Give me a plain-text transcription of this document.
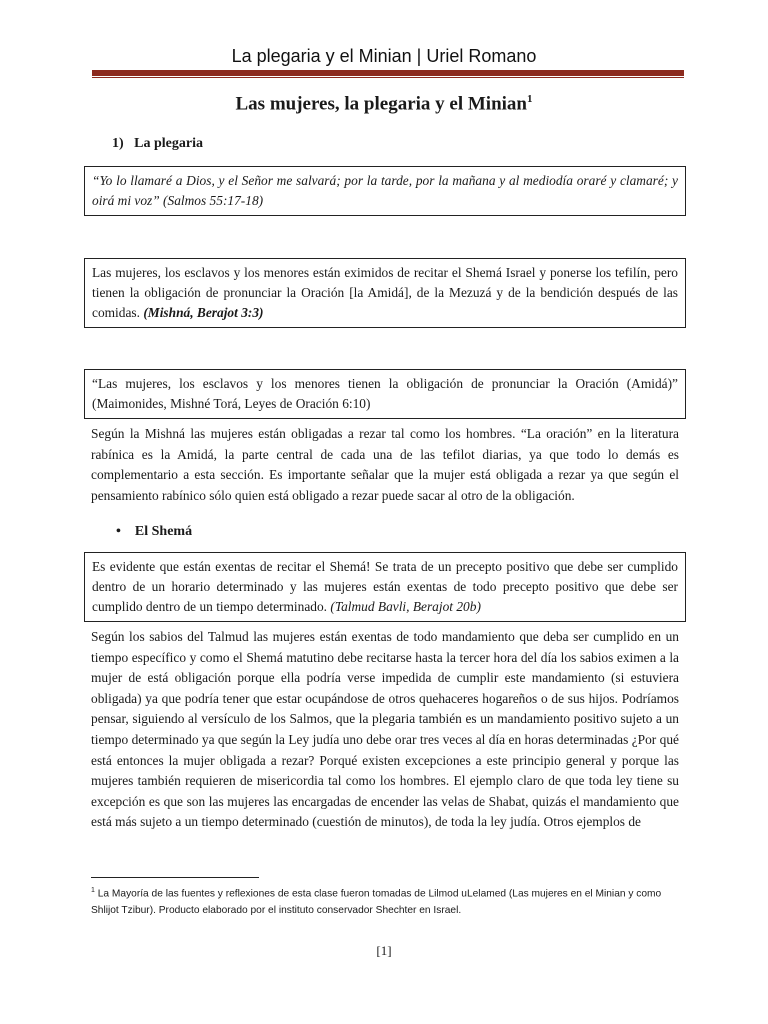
La plegaria y el Minian | Uriel Romano
Las mujeres, la plegaria y el Minian$^1$
1) La plegaria
“Yo lo llamaré a Dios, y el Señor me salvará; por la tarde, por la mañana y al mediodía oraré y clamaré; y oirá mi voz” (Salmos 55:17-18)
Las mujeres, los esclavos y los menores están eximidos de recitar el Shemá Israel y ponerse los tefilín, pero tienen la obligación de pronunciar la Oración [la Amidá], de la Mezuzá y de la bendición después de las comidas. (Mishná, Berajot 3:3)
“Las mujeres, los esclavos y los menores tienen la obligación de pronunciar la Oración (Amidá)” (Maimonides, Mishné Torá, Leyes de Oración 6:10)
Según la Mishná las mujeres están obligadas a rezar tal como los hombres. “La oración” en la literatura rabínica es la Amidá, la parte central de cada una de las tefilot diarias, ya que todo lo demás es complementario a esta sección. Es importante señalar que la mujer está obligada a rezar ya que según el pensamiento rabínico sólo quien está obligado a rezar puede sacar al otro de la obligación.
• El Shemá
Es evidente que están exentas de recitar el Shemá! Se trata de un precepto positivo que debe ser cumplido dentro de un horario determinado y las mujeres están exentas de todo precepto positivo que debe ser cumplido dentro de un tiempo determinado. (Talmud Bavli, Berajot 20b)
Según los sabios del Talmud las mujeres están exentas de todo mandamiento que deba ser cumplido en un tiempo específico y como el Shemá matutino debe recitarse hasta la tercer hora del día los sabios eximen a la mujer de está obligación porque ella podría verse impedida de cumplir este mandamiento (si estuviera obligada) ya que podría tener que estar ocupándose de otros quehaceres hogareños o de sus hijos. Podríamos pensar, siguiendo al versículo de los Salmos, que la plegaria también es un mandamiento positivo sujeto a un tiempo determinado ya que según la Ley judía uno debe orar tres veces al día en horas determinadas ¿Por qué está entonces la mujer obligada a rezar? Porqué existen excepciones a este principio general y porque las mujeres también requieren de misericordia tal como los hombres. El ejemplo claro de que toda ley tiene su excepción es que son las mujeres las encargadas de encender las velas de Shabat, quizás el mandamiento que está más sujeto a un tiempo determinado (cuestión de minutos), de toda la ley judía. Otros ejemplos de
$^1$ La Mayoría de las fuentes y reflexiones de esta clase fueron tomadas de Lilmod uLelamed (Las mujeres en el Minian y como Shlijot Tzibur). Producto elaborado por el instituto conservador Shechter en Israel.
[1]
